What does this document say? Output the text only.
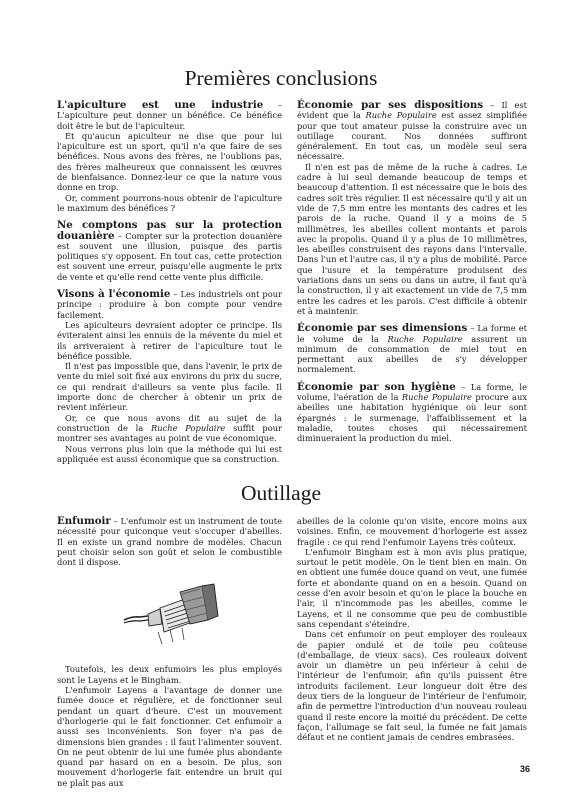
Premières conclusions

L'apiculture est une industrie – L'apiculture peut donner un bénéfice. Ce bénéfice doit être le but de l'apiculteur.

Et qu'aucun apiculteur ne dise que pour lui l'apiculture est un sport, qu'il n'a que faire de ses bénéfices. Nous avons des frères, ne l'oublions pas, des frères malheureux que connaissent les œuvres de bienfaisance. Donnez-leur ce que la nature vous donne en trop.

Or, comment pourrons-nous obtenir de l'apiculture le maximum des bénéfices ?

Ne comptons pas sur la protection douanière – Compter sur la protection douanière est souvent une illusion, puisque des partis politiques s'y opposent. En tout cas, cette protection est souvent une erreur, puisqu'elle augmente le prix de vente et qu'elle rend cette vente plus difficile.

Visons à l'économie – Les industriels ont pour principe : produire à bon compte pour vendre facilement.

Les apiculteurs devraient adopter ce principe. Ils éviteraient ainsi les ennuis de la mévente du miel et ils arriveraient à retirer de l'apiculture tout le bénéfice possible.

Il n'est pas impossible que, dans l'avenir, le prix de vente du miel soit fixé aux environs du prix du sucre, ce qui rendrait d'ailleurs sa vente plus facile. Il importe donc de chercher à obtenir un prix de revient inférieur.

Or, ce que nous avons dit au sujet de la construction de la Ruche Populaire suffit pour montrer ses avantages au point de vue économique.

Nous verrons plus loin que la méthode qui lui est appliquée est aussi économique que sa construction.

Économie par ses dispositions – Il est évident que la Ruche Populaire est assez simplifiée pour que tout amateur puisse la construire avec un outillage courant. Nos données suffiront généralement. En tout cas, un modèle seul sera nécessaire.

Il n'en est pas de même de la ruche à cadres. Le cadre à lui seul demande beaucoup de temps et beaucoup d'attention. Il est nécessaire que le bois des cadres soit très régulier. Il est nécessaire qu'il y ait un vide de 7,5 mm entre les montants des cadres et les parois de la ruche. Quand il y a moins de 5 millimètres, les abeilles collent montants et parois avec la propolis. Quand il y a plus de 10 millimètres, les abeilles construisent des rayons dans l'intervalle. Dans l'un et l'autre cas, il n'y a plus de mobilité. Parce que l'usure et la température produisent des variations dans un sens ou dans un autre, il faut qu'à la construction, il y ait exactement un vide de 7,5 mm entre les cadres et les parois. C'est difficile à obtenir et à maintenir.

Économie par ses dimensions – La forme et le volume de la Ruche Populaire assurent un minimum de consommation de miel tout en permettant aux abeilles de s'y développer normalement.

Économie par son hygiène – La forme, le volume, l'aération de la Ruche Populaire procure aux abeilles une habitation hygiénique où leur sont épargnés : le surmenage, l'affaiblissement et la maladie, toutes choses qui nécessairement diminueraient la production du miel.

Outillage

Enfumoir – L'enfumoir est un instrument de toute nécessité pour quiconque veut s'occuper d'abeilles. Il en existe un grand nombre de modèles. Chacun peut choisir selon son goût et selon le combustible dont il dispose.

Toutefois, les deux enfumoirs les plus employés sont le Layens et le Bingham.

L'enfumoir Layens a l'avantage de donner une fumée douce et régulière, et de fonctionner seul pendant un quart d'heure. C'est un mouvement d'horlogerie qui le fait fonctionner. Cet enfumoir a aussi ses inconvénients. Son foyer n'a pas de dimensions bien grandes : il faut l'alimenter souvent. On ne peut obtenir de lui une fumée plus abondante quand par hasard on en a besoin. De plus, son mouvement d'horlogerie fait entendre un bruit qui ne plaît pas aux

abeilles de la colonie qu'on visite, encore moins aux voisines. Enfin, ce mouvement d'horlogerie est assez fragile : ce qui rend l'enfumoir Layens très coûteux.

L'enfumoir Bingham est à mon avis plus pratique, surtout le petit modèle. On le tient bien en main. On en obtient une fumée douce quand on veut, une fumée forte et abondante quand on en a besoin. Quand on cesse d'en avoir besoin et qu'on le place la bouche en l'air, il n'incommode pas les abeilles, comme le Layens, et il ne consomme que peu de combustible sans cependant s'éteindre.

Dans cet enfumoir on peut employer des rouleaux de papier ondulé et de toile peu coûteuse (d'emballage, de vieux sacs). Ces rouleaux doivent avoir un diamètre un peu inférieur à celui de l'intérieur de l'enfumoir, afin qu'ils puissent être introduits facilement. Leur longueur doit être des deux tiers de la longueur de l'intérieur de l'enfumoir, afin de permettre l'introduction d'un nouveau rouleau quand il reste encore la moitié du précédent. De cette façon, l'allumage se fait seul, la fumée ne fait jamais défaut et ne contient jamais de cendres embrasées.

36
